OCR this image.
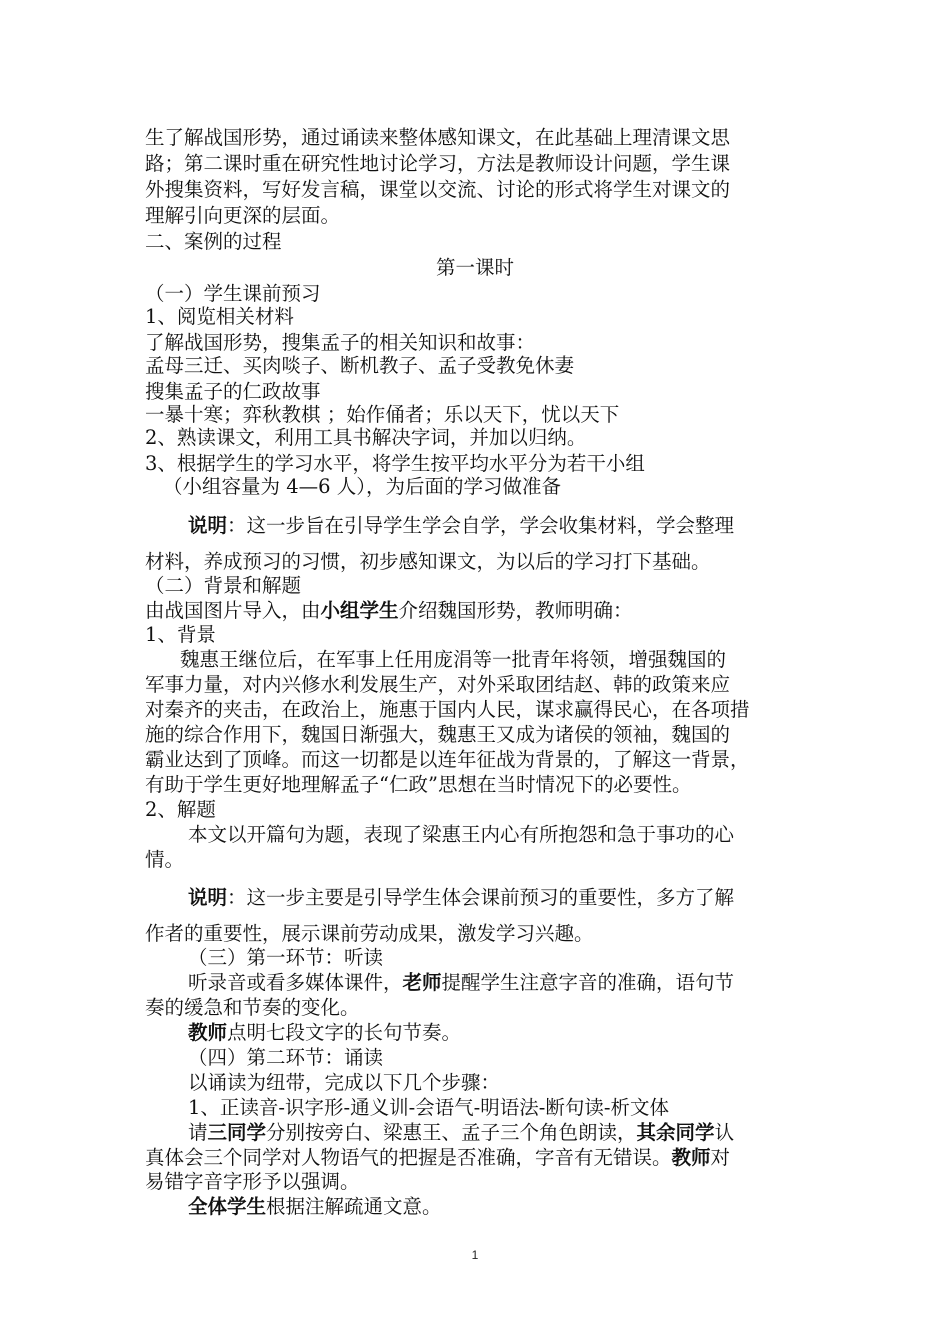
生了解战国形势，通过诵读来整体感知课文，在此基础上理清课文思
路；第二课时重在研究性地讨论学习，方法是教师设计问题，学生课
外搜集资料，写好发言稿，课堂以交流、讨论的形式将学生对课文的
理解引向更深的层面。
二、案例的过程
第一课时
（一）学生课前预习
1、阅览相关材料
了解战国形势，搜集孟子的相关知识和故事：
孟母三迁、买肉啖子、断机教子、孟子受教免休妻
搜集孟子的仁政故事
一暴十寒；弈秋教棋 ；始作俑者；乐以天下，忧以天下
2、熟读课文，利用工具书解决字词，并加以归纳。
3、根据学生的学习水平，将学生按平均水平分为若干小组
（小组容量为 4—6 人），为后面的学习做准备
说明：这一步旨在引导学生学会自学，学会收集材料，学会整理
材料，养成预习的习惯，初步感知课文，为以后的学习打下基础。
（二）背景和解题
由战国图片导入，由小组学生介绍魏国形势，教师明确：
1、背景
魏惠王继位后，在军事上任用庞涓等一批青年将领，增强魏国的
军事力量，对内兴修水利发展生产，对外采取团结赵、韩的政策来应
对秦齐的夹击，在政治上，施惠于国内人民，谋求赢得民心，在各项措
施的综合作用下，魏国日渐强大，魏惠王又成为诸侯的领袖，魏国的
霸业达到了顶峰。而这一切都是以连年征战为背景的，了解这一背景，
有助于学生更好地理解孟子“仁政”思想在当时情况下的必要性。
2、解题
本文以开篇句为题，表现了梁惠王内心有所抱怨和急于事功的心
情。
说明：这一步主要是引导学生体会课前预习的重要性，多方了解
作者的重要性，展示课前劳动成果，激发学习兴趣。
（三）第一环节：听读
听录音或看多媒体课件，老师提醒学生注意字音的准确，语句节
奏的缓急和节奏的变化。
教师点明七段文字的长句节奏。
（四）第二环节：诵读
以诵读为纽带，完成以下几个步骤：
1、正读音-识字形-通义训-会语气-明语法-断句读-析文体
请三同学分别按旁白、梁惠王、孟子三个角色朗读，其余同学认
真体会三个同学对人物语气的把握是否准确，字音有无错误。教师对
易错字音字形予以强调。
全体学生根据注解疏通文意。
1
